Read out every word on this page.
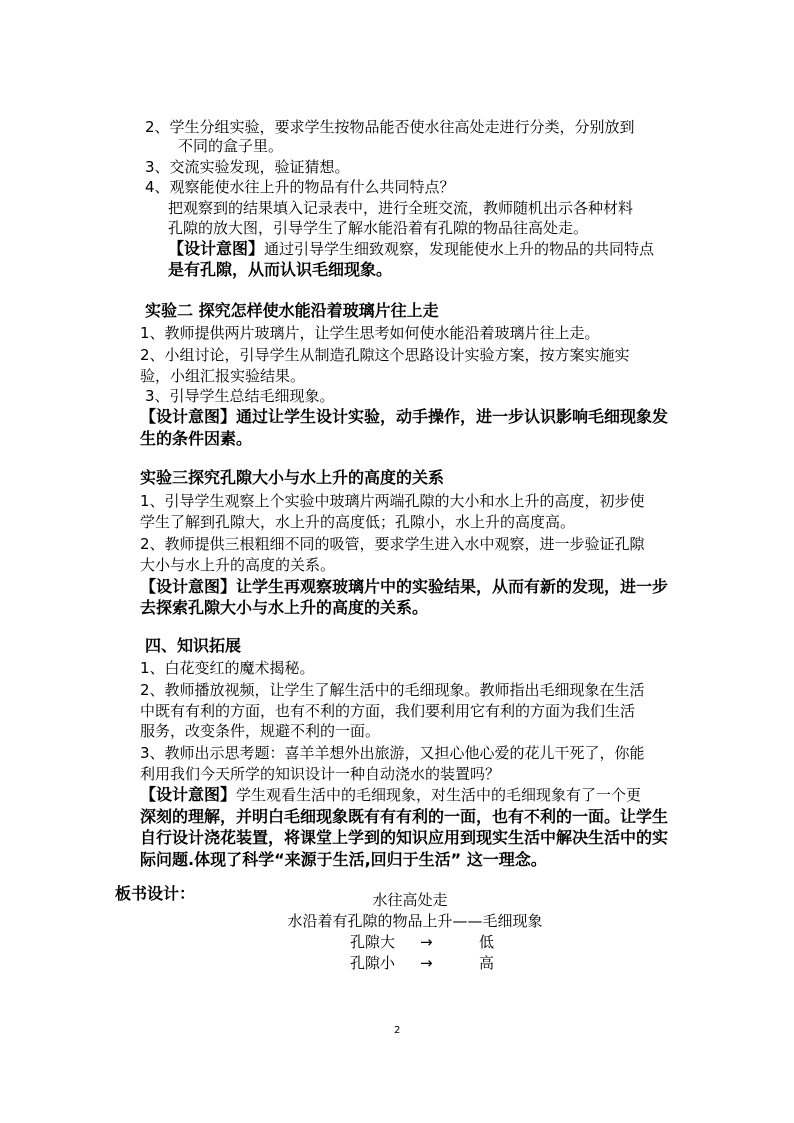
2、学生分组实验，要求学生按物品能否使水往高处走进行分类，分别放到
不同的盒子里。
3、交流实验发现，验证猜想。
4、观察能使水往上升的物品有什么共同特点？
把观察到的结果填入记录表中，进行全班交流，教师随机出示各种材料
孔隙的放大图，引导学生了解水能沿着有孔隙的物品往高处走。
【设计意图】通过引导学生细致观察，发现能使水上升的物品的共同特点
是有孔隙，从而认识毛细现象。
实验二 探究怎样使水能沿着玻璃片往上走
1、教师提供两片玻璃片，让学生思考如何使水能沿着玻璃片往上走。
2、小组讨论，引导学生从制造孔隙这个思路设计实验方案，按方案实施实
验，小组汇报实验结果。
3、引导学生总结毛细现象。
【设计意图】通过让学生设计实验，动手操作，进一步认识影响毛细现象发
生的条件因素。
实验三探究孔隙大小与水上升的高度的关系
1、引导学生观察上个实验中玻璃片两端孔隙的大小和水上升的高度，初步使
学生了解到孔隙大，水上升的高度低；孔隙小，水上升的高度高。
2、教师提供三根粗细不同的吸管，要求学生进入水中观察，进一步验证孔隙
大小与水上升的高度的关系。
【设计意图】让学生再观察玻璃片中的实验结果，从而有新的发现，进一步
去探索孔隙大小与水上升的高度的关系。
四、知识拓展
1、白花变红的魔术揭秘。
2、教师播放视频，让学生了解生活中的毛细现象。教师指出毛细现象在生活
中既有有利的方面，也有不利的方面，我们要利用它有利的方面为我们生活
服务，改变条件，规避不利的一面。
3、教师出示思考题：喜羊羊想外出旅游，又担心他心爱的花儿干死了，你能
利用我们今天所学的知识设计一种自动浇水的装置吗？
【设计意图】学生观看生活中的毛细现象，对生活中的毛细现象有了一个更
深刻的理解，并明白毛细现象既有有有利的一面，也有不利的一面。让学生
自行设计浇花装置，将课堂上学到的知识应用到现实生活中解决生活中的实
际问题.体现了科学“来源于生活,回归于生活” 这一理念。
板书设计：	水往高处走
水沿着有孔隙的物品上升——毛细现象
孔隙大 →	低
孔隙小 →	高
2
